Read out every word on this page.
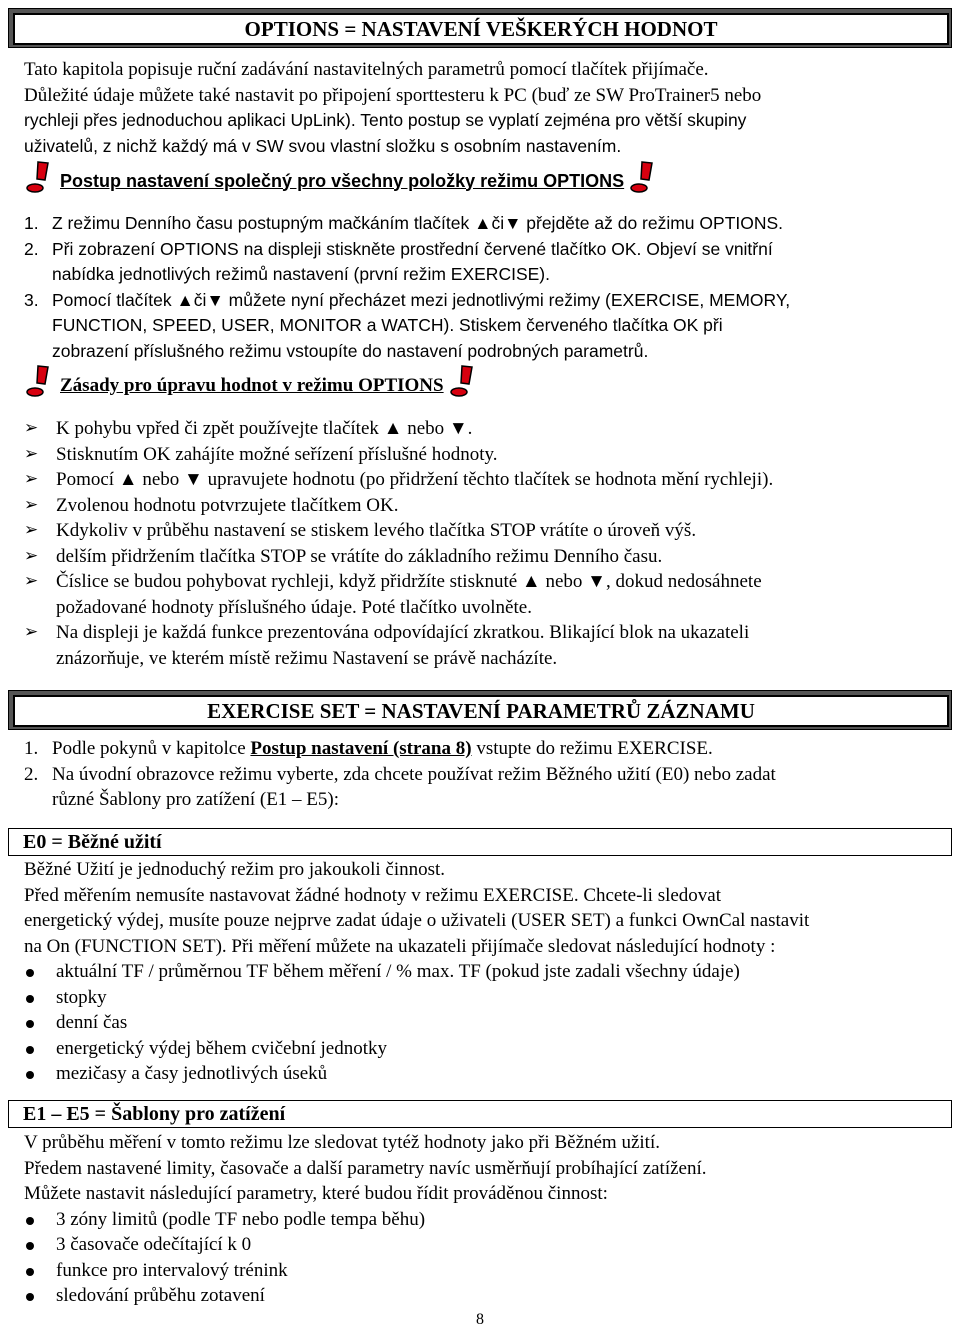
OPTIONS = NASTAVENÍ VEŠKERÝCH HODNOT

Tato kapitola popisuje ruční zadávání nastavitelných parametrů pomocí tlačítek přijímače.

Důležité údaje můžete také nastavit po připojení sporttesteru k PC (buď ze SW ProTrainer5 nebo

rychleji přes jednoduchou aplikaci UpLink). Tento postup se vyplatí zejména pro větší skupiny

uživatelů, z nichž každý má v SW svou vlastní složku s osobním nastavením.

Postup nastavení společný pro všechny položky režimu OPTIONS
1. Z režimu Denního času postupným mačkáním tlačítek ▲či▼ přejděte až do režimu OPTIONS.
2. Při zobrazení OPTIONS na displeji stiskněte prostřední červené tlačítko OK. Objeví se vnitřní
nabídka jednotlivých režimů nastavení (první režim EXERCISE).
3. Pomocí tlačítek ▲či▼ můžete nyní přecházet mezi jednotlivými režimy (EXERCISE, MEMORY,
FUNCTION, SPEED, USER, MONITOR a WATCH). Stiskem červeného tlačítka OK při
zobrazení příslušného režimu vstoupíte do nastavení podrobných parametrů.
Zásady pro úpravu hodnot v režimu OPTIONS
➢ K pohybu vpřed či zpět používejte tlačítek ▲ nebo ▼.
➢ Stisknutím OK zahájíte možné seřízení příslušné hodnoty.
➢ Pomocí ▲ nebo ▼ upravujete hodnotu (po přidržení těchto tlačítek se hodnota mění rychleji).
➢ Zvolenou hodnotu potvrzujete tlačítkem OK.
➢ Kdykoliv v průběhu nastavení se stiskem levého tlačítka STOP vrátíte o úroveň výš.
➢ delším přidržením tlačítka STOP se vrátíte do základního režimu Denního času.
➢ Číslice se budou pohybovat rychleji, když přidržíte stisknuté ▲ nebo ▼, dokud nedosáhnete
požadované hodnoty příslušného údaje. Poté tlačítko uvolněte.
➢ Na displeji je každá funkce prezentována odpovídající zkratkou. Blikající blok na ukazateli
znázorňuje, ve kterém místě režimu Nastavení se právě nacházíte.
EXERCISE SET = NASTAVENÍ PARAMETRŮ ZÁZNAMU
1. Podle pokynů v kapitolce Postup nastavení (strana 8) vstupte do režimu EXERCISE.
2. Na úvodní obrazovce režimu vyberte, zda chcete používat režim Běžného užití (E0) nebo zadat
různé Šablony pro zatížení (E1 – E5):
E0 = Běžné užití

Běžné Užití je jednoduchý režim pro jakoukoli činnost.

Před měřením nemusíte nastavovat žádné hodnoty v režimu EXERCISE. Chcete-li sledovat

energetický výdej, musíte pouze nejprve zadat údaje o uživateli (USER SET) a funkci OwnCal nastavit

na On (FUNCTION SET). Při měření můžete na ukazateli přijímače sledovat následující hodnoty :

aktuální TF / průměrnou TF během měření / % max. TF (pokud jste zadali všechny údaje)
stopky
denní čas
energetický výdej během cvičební jednotky
mezičasy a časy jednotlivých úseků
E1 – E5 = Šablony pro zatížení

V průběhu měření v tomto režimu lze sledovat tytéž hodnoty jako při Běžném užití.

Předem nastavené limity, časovače a další parametry navíc usměrňují probíhající zatížení.

Můžete nastavit následující parametry, které budou řídit prováděnou činnost:

3 zóny limitů (podle TF nebo podle tempa běhu)
3 časovače odečítající k 0
funkce pro intervalový trénink
sledování průběhu zotavení
8
